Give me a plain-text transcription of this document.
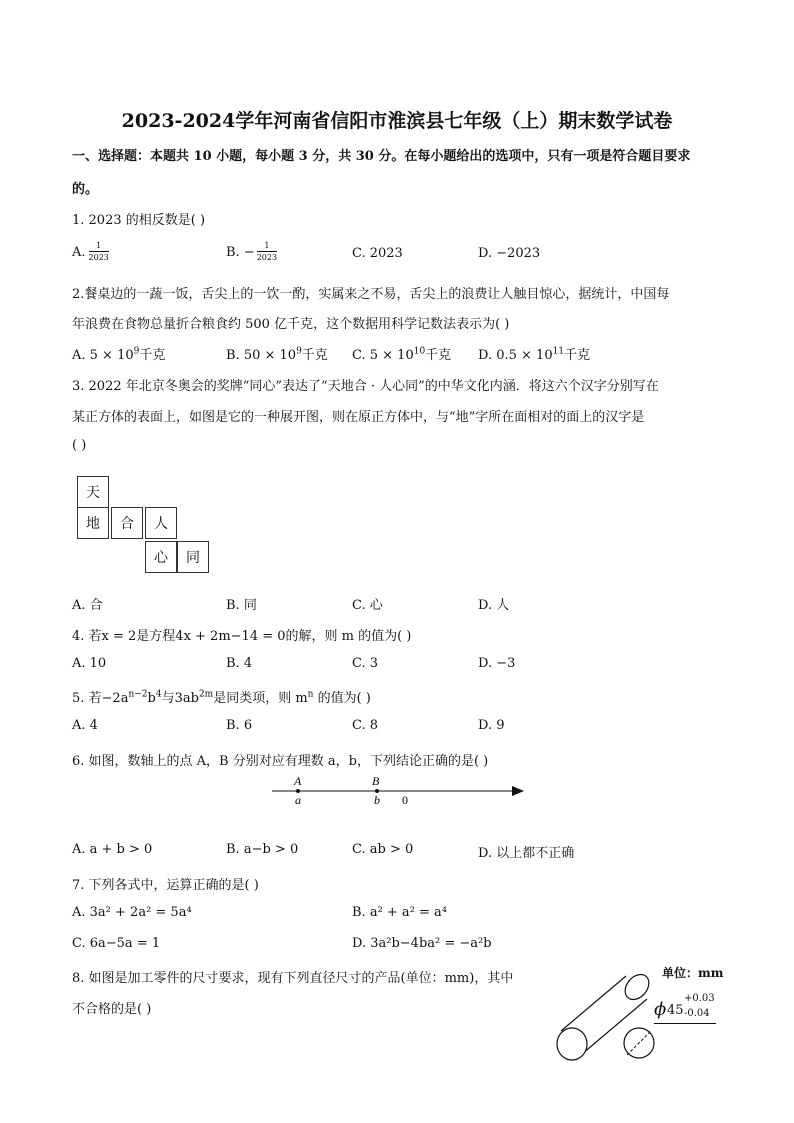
2023-2024学年河南省信阳市淮滨县七年级（上）期末数学试卷
一、选择题：本题共 10 小题，每小题 3 分，共 30 分。在每小题给出的选项中，只有一项是符合题目要求
的。
1. 2023 的相反数是( )
A. $\frac{1}{2023}$	B. − $\frac{1}{2023}$	C. 2023	D. −2023
2.餐桌边的一蔬一饭，舌尖上的一饮一酌，实属来之不易，舌尖上的浪费让人触目惊心，据统计，中国每
年浪费在食物总量折合粮食约 500 亿千克，这个数据用科学记数法表示为( )
A. $5 \times 10^9$千克	B. $50 \times 10^9$千克 C. $5 \times 10^{10}$千克 D. $0.5 \times 10^{11}$千克
3. 2022 年北京冬奥会的奖牌“同心”表达了“天地合 · 人心同”的中华文化内涵．将这六个汉字分别写在
某正方体的表面上，如图是它的一种展开图，则在原正方体中，与“地”字所在面相对的面上的汉字是
( )
天
地	合	人
心	同
A. 合	B. 同	C. 心	D. 人
4. 若x = 2是方程4x + 2m−14 = 0的解，则 m 的值为( )
A. 10	B. 4	C. 3	D. −3
5. 若$-2a^{n-2}b^4$与$3ab^{2m}$是同类项，则 $m^n$ 的值为( )
A. 4	B. 6	C. 8	D. 9
6. 如图，数轴上的点 A，B 分别对应有理数 a，b，下列结论正确的是( )
A
a
B
b 0
A. a + b > 0	B. a−b > 0	C. ab > 0	D. 以上都不正确
7. 下列各式中，运算正确的是( )
A. 3a² + 2a² = 5a⁴	B. a² + a² = a⁴
C. 6a−5a = 1	D. 3a²b−4ba² = −a²b
8. 如图是加工零件的尺寸要求，现有下列直径尺寸的产品(单位：mm)，其中
不合格的是( )
单位：mm
ϕ 45
+0.03
-0.04
